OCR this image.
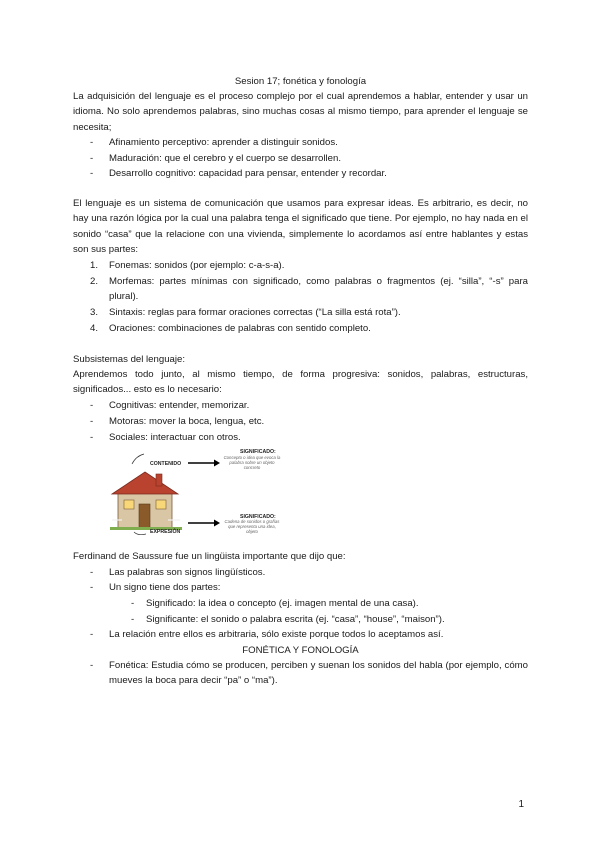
Sesion 17; fonética y fonología
La adquisición del lenguaje es el proceso complejo por el cual aprendemos a hablar, entender y usar un idioma. No solo aprendemos palabras, sino muchas cosas al mismo tiempo, para aprender el lenguaje se necesita;
- Afinamiento perceptivo: aprender a distinguir sonidos.
- Maduración: que el cerebro y el cuerpo se desarrollen.
- Desarrollo cognitivo: capacidad para pensar, entender y recordar.
El lenguaje es un sistema de comunicación que usamos para expresar ideas. Es arbitrario, es decir, no hay una razón lógica por la cual una palabra tenga el significado que tiene. Por ejemplo, no hay nada en el sonido “casa” que la relacione con una vivienda, simplemente lo acordamos así entre hablantes y estas son sus partes:
1. Fonemas: sonidos (por ejemplo: c-a-s-a).
2. Morfemas: partes mínimas con significado, como palabras o fragmentos (ej. “silla”, “-s” para plural).
3. Sintaxis: reglas para formar oraciones correctas (“La silla está rota”).
4. Oraciones: combinaciones de palabras con sentido completo.
Subsistemas del lenguaje:
Aprendemos todo junto, al mismo tiempo, de forma progresiva: sonidos, palabras, estructuras, significados... esto es lo necesario:
- Cognitivas: entender, memorizar.
- Motoras: mover la boca, lengua, etc.
- Sociales: interactuar con otros.
Ferdinand de Saussure fue un lingüista importante que dijo que:
- Las palabras son signos lingüísticos.
- Un signo tiene dos partes:
- Significado: la idea o concepto (ej. imagen mental de una casa).
- Significante: el sonido o palabra escrita (ej. “casa”, “house”, “maison”).
- La relación entre ellos es arbitraria, sólo existe porque todos lo aceptamos así.
FONÉTICA Y FONOLOGÍA
- Fonética: Estudia cómo se producen, perciben y suenan los sonidos del habla (por ejemplo, cómo mueves la boca para decir “pa” o “ma”).
CONTENIDO
SIGNIFICADO:
Concepto o idea que evoca la palabra sobre un objeto concreto
EXPRESIÓN
SIGNIFICADO:
Cadena de sonidos o grafías que representa una idea, objeto
1
